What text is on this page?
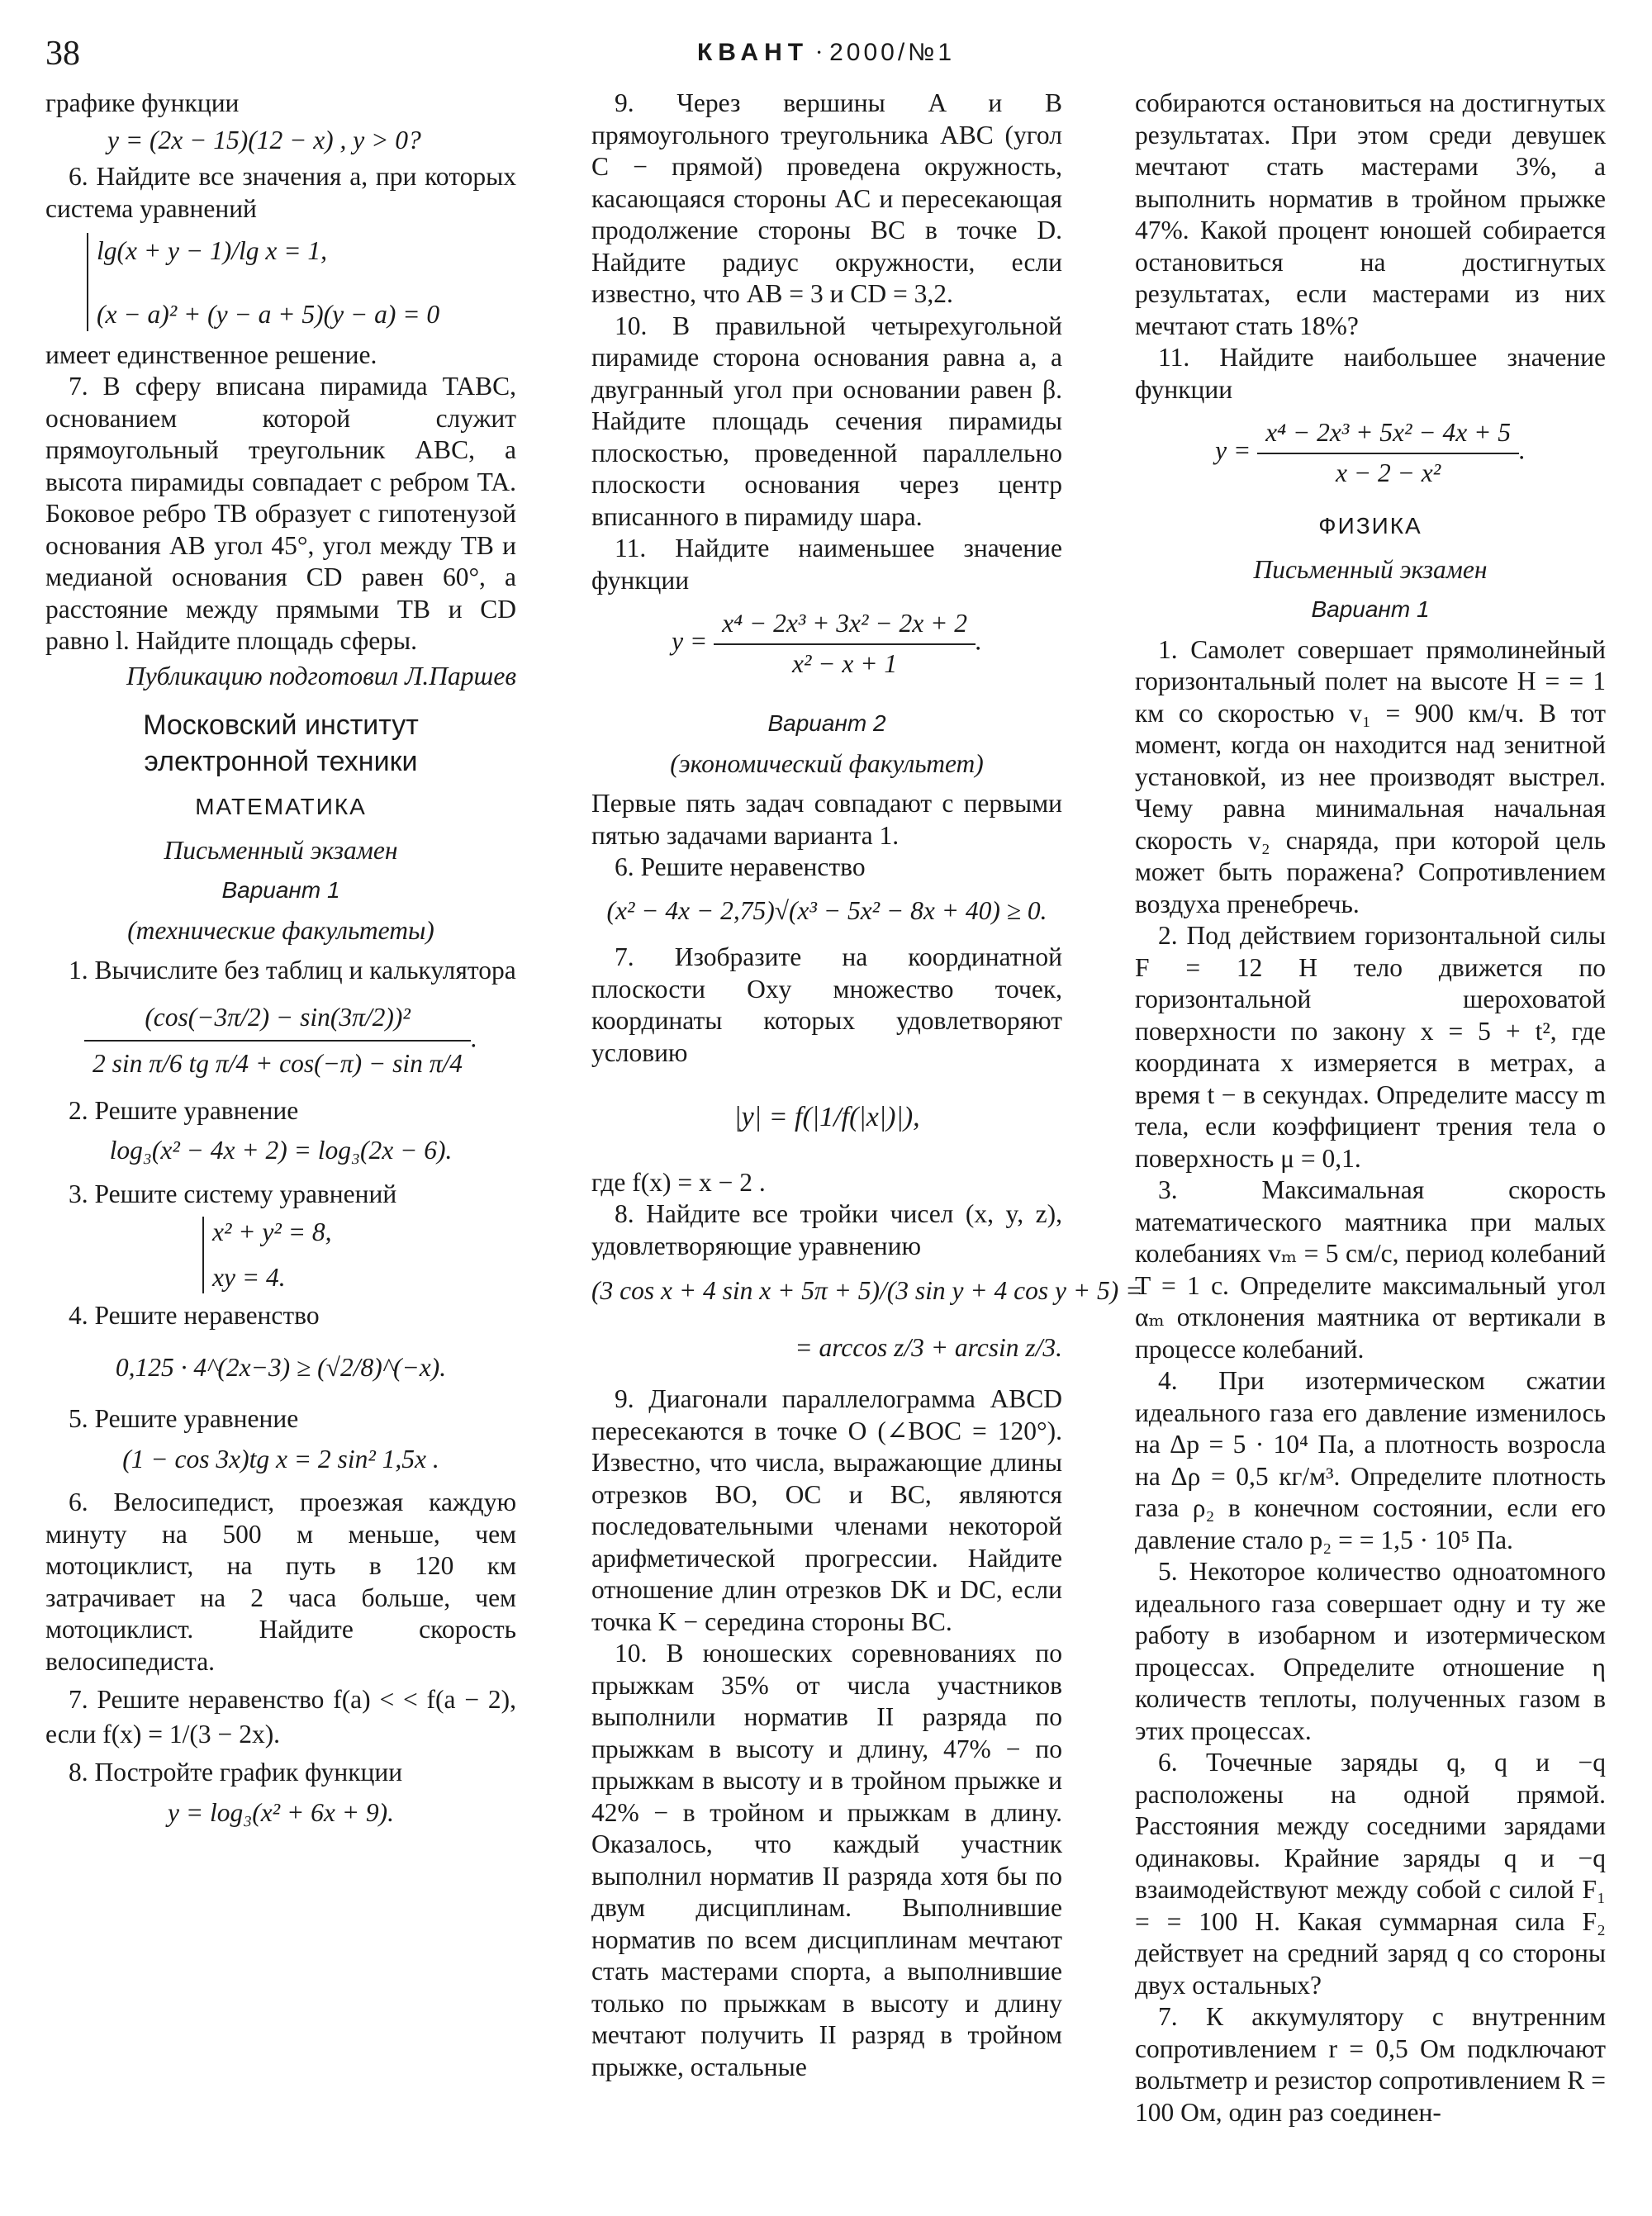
38	КВАНТ · 2000/№1

графике функции

y = (2x − 15)(12 − x) , y > 0?

6. Найдите все значения a, при которых система уравнений

lg(x + y − 1)/lg x = 1,
(x − a)² + (y − a + 5)(y − a) = 0

имеет единственное решение.

7. В сферу вписана пирамида TABC, основанием которой служит прямоугольный треугольник ABC, а высота пирамиды совпадает с ребром TA. Боковое ребро TB образует с гипотенузой основания AB угол 45°, угол между TB и медианой основания CD равен 60°, а расстояние между прямыми TB и CD равно l. Найдите площадь сферы.

Публикацию подготовил Л.Паршев

Московский институт
электронной техники
МАТЕМАТИКА
Письменный экзамен
Вариант 1
(технические факультеты)

1. Вычислите без таблиц и калькулятора

$\frac{\text{(cos(−3π/2) − sin(3π/2))²}}{\text{2 sin π/6 tg π/4 + cos(−π) − sin π/4}}$ .

2. Решите уравнение

log₃(x² − 4x + 2) = log₃(2x − 6).

3. Решите систему уравнений

x² + y² = 8,
xy = 4.

4. Решите неравенство

0,125 · 4^(2x−3) ≥ (√2/8)^(−x).

5. Решите уравнение

(1 − cos 3x)tg x = 2 sin² 1,5x .

6. Велосипедист, проезжая каждую минуту на 500 м меньше, чем мотоциклист, на путь в 120 км затрачивает на 2 часа больше, чем мотоциклист. Найдите скорость велосипедиста.

7. Решите неравенство f(a) < < f(a − 2), если f(x) = 1/(3 − 2x).

8. Постройте график функции

y = log₃(x² + 6x + 9).

9. Через вершины A и B прямоугольного треугольника ABC (угол C − прямой) проведена окружность, касающаяся стороны AC и пересекающая продолжение стороны BC в точке D. Найдите радиус окружности, если известно, что AB = 3 и CD = 3,2.

10. В правильной четырехугольной пирамиде сторона основания равна a, а двугранный угол при основании равен β. Найдите площадь сечения пирамиды плоскостью, проведенной параллельно плоскости основания через центр вписанного в пирамиду шара.

11. Найдите наименьшее значение функции

$y = \frac{\text{x⁴ − 2x³ + 3x² − 2x + 2}}{\text{x² − x + 1}}$ .
Вариант 2
(экономический факультет)

Первые пять задач совпадают с первыми пятью задачами варианта 1.

6. Решите неравенство

(x² − 4x − 2,75)√(x³ − 5x² − 8x + 40) ≥ 0.

7. Изобразите на координатной плоскости Oxy множество точек, координаты которых удовлетворяют условию

|y| = f(|1/f(|x|)|),

где f(x) = x − 2 .

8. Найдите все тройки чисел (x, y, z), удовлетворяющие уравнению

(3 cos x + 4 sin x + 5π + 5)/(3 sin y + 4 cos y + 5) =
= arccos z/3 + arcsin z/3.

9. Диагонали параллелограмма ABCD пересекаются в точке O (∠BOC = 120°). Известно, что числа, выражающие длины отрезков BO, OC и BC, являются последовательными членами некоторой арифметической прогрессии. Найдите отношение длин отрезков DK и DC, если точка K − середина стороны BC.

10. В юношеских соревнованиях по прыжкам 35% от числа участников выполнили норматив II разряда по прыжкам в высоту и длину, 47% − по прыжкам в высоту и в тройном прыжке и 42% − в тройном и прыжкам в длину. Оказалось, что каждый участник выполнил норматив II разряда хотя бы по двум дисциплинам. Выполнившие норматив по всем дисциплинам мечтают стать мастерами спорта, а выполнившие только по прыжкам в высоту и длину мечтают получить II разряд в тройном прыжке, остальные

собираются остановиться на достигнутых результатах. При этом среди девушек мечтают стать мастерами 3%, а выполнить норматив в тройном прыжке 47%. Какой процент юношей собирается остановиться на достигнутых результатах, если мастерами из них мечтают стать 18%?

11. Найдите наибольшее значение функции

$y = \frac{\text{x⁴ − 2x³ + 5x² − 4x + 5}}{\text{x − 2 − x²}}$ .
ФИЗИКА
Письменный экзамен
Вариант 1

1. Самолет совершает прямолинейный горизонтальный полет на высоте H = = 1 км со скоростью v₁ = 900 км/ч. В тот момент, когда он находится над зенитной установкой, из нее производят выстрел. Чему равна минимальная начальная скорость v₂ снаряда, при которой цель может быть поражена? Сопротивлением воздуха пренебречь.

2. Под действием горизонтальной силы F = 12 Н тело движется по горизонтальной шероховатой поверхности по закону x = 5 + t², где координата x измеряется в метрах, а время t − в секундах. Определите массу m тела, если коэффициент трения тела о поверхность μ = 0,1.

3. Максимальная скорость математического маятника при малых колебаниях vₘ = 5 см/с, период колебаний T = 1 с. Определите максимальный угол αₘ отклонения маятника от вертикали в процессе колебаний.

4. При изотермическом сжатии идеального газа его давление изменилось на Δp = 5 · 10⁴ Па, а плотность возросла на Δρ = 0,5 кг/м³. Определите плотность газа ρ₂ в конечном состоянии, если его давление стало p₂ = = 1,5 · 10⁵ Па.

5. Некоторое количество одноатомного идеального газа совершает одну и ту же работу в изобарном и изотермическом процессах. Определите отношение η количеств теплоты, полученных газом в этих процессах.

6. Точечные заряды q, q и −q расположены на одной прямой. Расстояния между соседними зарядами одинаковы. Крайние заряды q и −q взаимодействуют между собой с силой F₁ = = 100 Н. Какая суммарная сила F₂ действует на средний заряд q со стороны двух остальных?

7. К аккумулятору с внутренним сопротивлением r = 0,5 Ом подключают вольтметр и резистор сопротивлением R = 100 Ом, один раз соединен-
